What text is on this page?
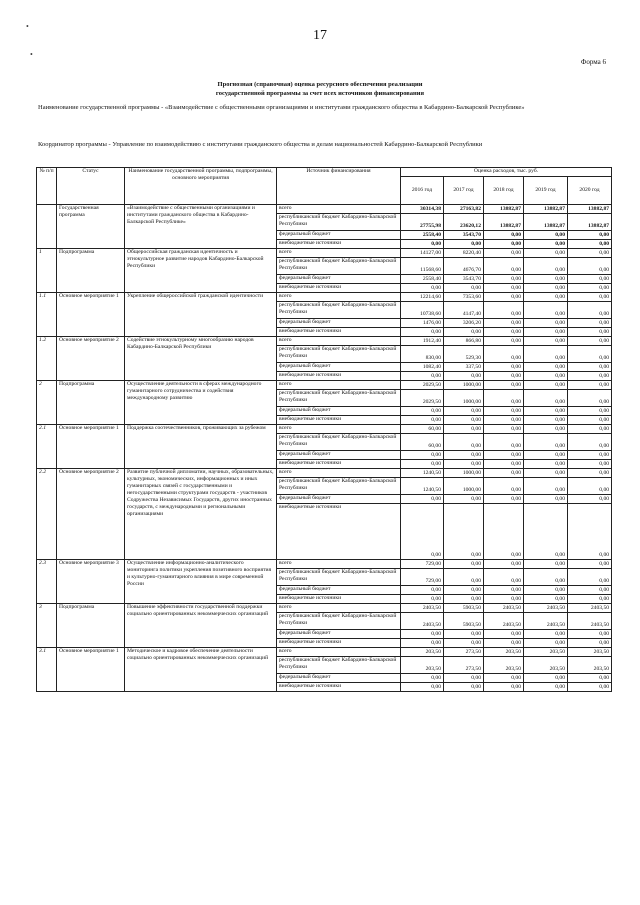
•
•
17
Форма 6
Прогнозная (справочная) оценка ресурсного обеспечения реализации
государственной программы за счет всех источников финансирования
Наименование государственной программы - «Взаимодействие с общественными организациями и институтами гражданского общества в Кабардино-Балкарской Республике»
Координатор программы - Управление по взаимодействию с институтами гражданского общества и делам национальностей Кабардино-Балкарской Республики
№ п/п	Статус	Наименование государственной программы, подпрограммы, основного мероприятия	Источник финансирования	Оценка расходов, тыс. руб.				
				2016 год	2017 год	2018 год	2019 год	2020 год
	Государственная программа	«Взаимодействие с общественными организациями и институтами гражданского общества в Кабардино-Балкарской Республике»	всего	30314,38	27163,82	13882,87	13882,87	13882,87
			республиканский бюджет Кабардино-Балкарской Республики	27755,98	23620,12	13882,87	13882,87	13882,87
			федеральный бюджет	2558,40	3543,70	0,00	0,00	0,00
			внебюджетные источники	0,00	0,00	0,00	0,00	0,00
1	Подпрограмма	Общероссийская гражданская идентичность и этнокультурное развитие народов Кабардино-Балкарской Республики	всего	14127,00	8220,40	0,00	0,00	0,00
			республиканский бюджет Кабардино-Балкарской Республики	11568,60	4676,70	0,00	0,00	0,00
			федеральный бюджет	2558,40	3543,70	0,00	0,00	0,00
			внебюджетные источники	0,00	0,00	0,00	0,00	0,00
1.1	Основное мероприятие 1	Укрепление общероссийской гражданской идентичности	всего	12214,60	7353,60	0,00	0,00	0,00
			республиканский бюджет Кабардино-Балкарской Республики	10738,60	4147,40	0,00	0,00	0,00
			федеральный бюджет	1476,00	3206,20	0,00	0,00	0,00
			внебюджетные источники	0,00	0,00	0,00	0,00	0,00
1.2	Основное мероприятие 2	Содействие этнокультурному многообразию народов Кабардино-Балкарской Республики	всего	1912,40	866,80	0,00	0,00	0,00
			республиканский бюджет Кабардино-Балкарской Республики	830,00	529,30	0,00	0,00	0,00
			федеральный бюджет	1082,40	337,50	0,00	0,00	0,00
			внебюджетные источники	0,00	0,00	0,00	0,00	0,00
2	Подпрограмма	Осуществление деятельности в сферах международного гуманитарного сотрудничества и содействия международному развитию	всего	2029,50	1000,00	0,00	0,00	0,00
			республиканский бюджет Кабардино-Балкарской Республики	2029,50	1000,00	0,00	0,00	0,00
			федеральный бюджет	0,00	0,00	0,00	0,00	0,00
			внебюджетные источники	0,00	0,00	0,00	0,00	0,00
2.1	Основное мероприятие 1	Поддержка соотечественников, проживающих за рубежом	всего	60,00	0,00	0,00	0,00	0,00
			республиканский бюджет Кабардино-Балкарской Республики	60,00	0,00	0,00	0,00	0,00
			федеральный бюджет	0,00	0,00	0,00	0,00	0,00
			внебюджетные источники	0,00	0,00	0,00	0,00	0,00
2.2	Основное мероприятие 2	Развитие публичной дипломатии, научных, образовательных, культурных, экономических, информационных и иных гуманитарных связей с государственными и негосударственными структурами государств - участников Содружества Независимых Государств, других иностранных государств, с международными и региональными организациями	всего	1240,50	1000,00	0,00	0,00	0,00
			республиканский бюджет Кабардино-Балкарской Республики	1240,50	1000,00	0,00	0,00	0,00
			федеральный бюджет	0,00	0,00	0,00	0,00	0,00
			внебюджетные источники	0,00	0,00	0,00	0,00	0,00
2.3	Основное мероприятие 3	Осуществление информационно-аналитического мониторинга политики укрепления позитивного восприятия и культурно-гуманитарного влияния в мире современной России	всего	729,00	0,00	0,00	0,00	0,00
			республиканский бюджет Кабардино-Балкарской Республики	729,00	0,00	0,00	0,00	0,00
			федеральный бюджет	0,00	0,00	0,00	0,00	0,00
			внебюджетные источники	0,00	0,00	0,00	0,00	0,00
3	Подпрограмма	Повышение эффективности государственной поддержки социально ориентированных некоммерческих организаций	всего	2403,50	5903,50	2403,50	2403,50	2403,50
			республиканский бюджет Кабардино-Балкарской Республики	2403,50	5903,50	2403,50	2403,50	2403,50
			федеральный бюджет	0,00	0,00	0,00	0,00	0,00
			внебюджетные источники	0,00	0,00	0,00	0,00	0,00
3.1	Основное мероприятие 1	Методическое и кадровое обеспечение деятельности социально ориентированных некоммерческих организаций	всего	203,50	273,50	203,50	203,50	203,50
			республиканский бюджет Кабардино-Балкарской Республики	203,50	273,50	203,50	203,50	203,50
			федеральный бюджет	0,00	0,00	0,00	0,00	0,00
			внебюджетные источники	0,00	0,00	0,00	0,00	0,00
